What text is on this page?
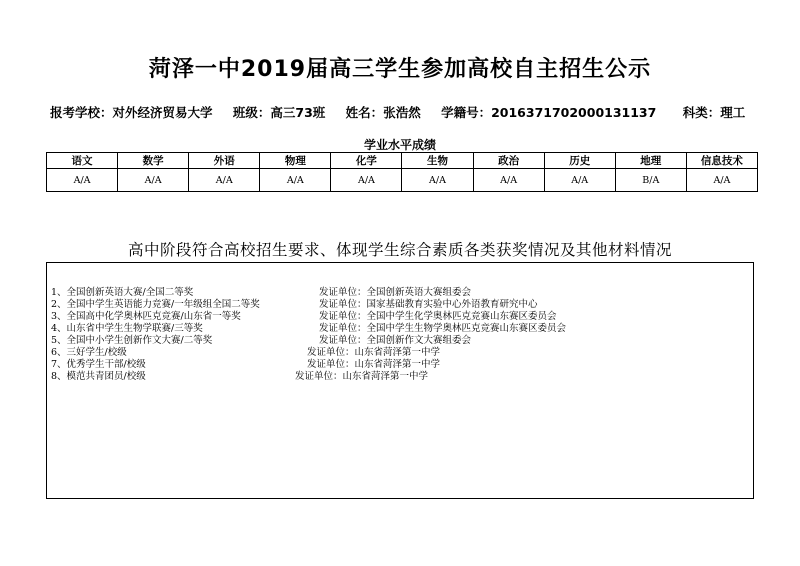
菏泽一中2019届高三学生参加高校自主招生公示
报考学校：对外经济贸易大学 班级：高三73班 姓名：张浩然 学籍号：2016371702000131137 科类：理工
学业水平成绩
语文	数学	外语	物理	化学	生物	政治	历史	地理	信息技术
A/A	A/A	A/A	A/A	A/A	A/A	A/A	A/A	B/A	A/A
高中阶段符合高校招生要求、体现学生综合素质各类获奖情况及其他材料情况
1、全国创新英语大赛/全国二等奖	发证单位：全国创新英语大赛组委会
2、全国中学生英语能力竞赛/一年级组全国二等奖	发证单位：国家基础教育实验中心外语教育研究中心
3、全国高中化学奥林匹克竞赛/山东省一等奖	发证单位：全国中学生化学奥林匹克竞赛山东赛区委员会
4、山东省中学生生物学联赛/三等奖	发证单位：全国中学生生物学奥林匹克竞赛山东赛区委员会
5、全国中小学生创新作文大赛/二等奖	发证单位：全国创新作文大赛组委会
6、三好学生/校级	发证单位：山东省菏泽第一中学
7、优秀学生干部/校级	发证单位：山东省菏泽第一中学
8、模范共青团员/校级	发证单位：山东省菏泽第一中学
